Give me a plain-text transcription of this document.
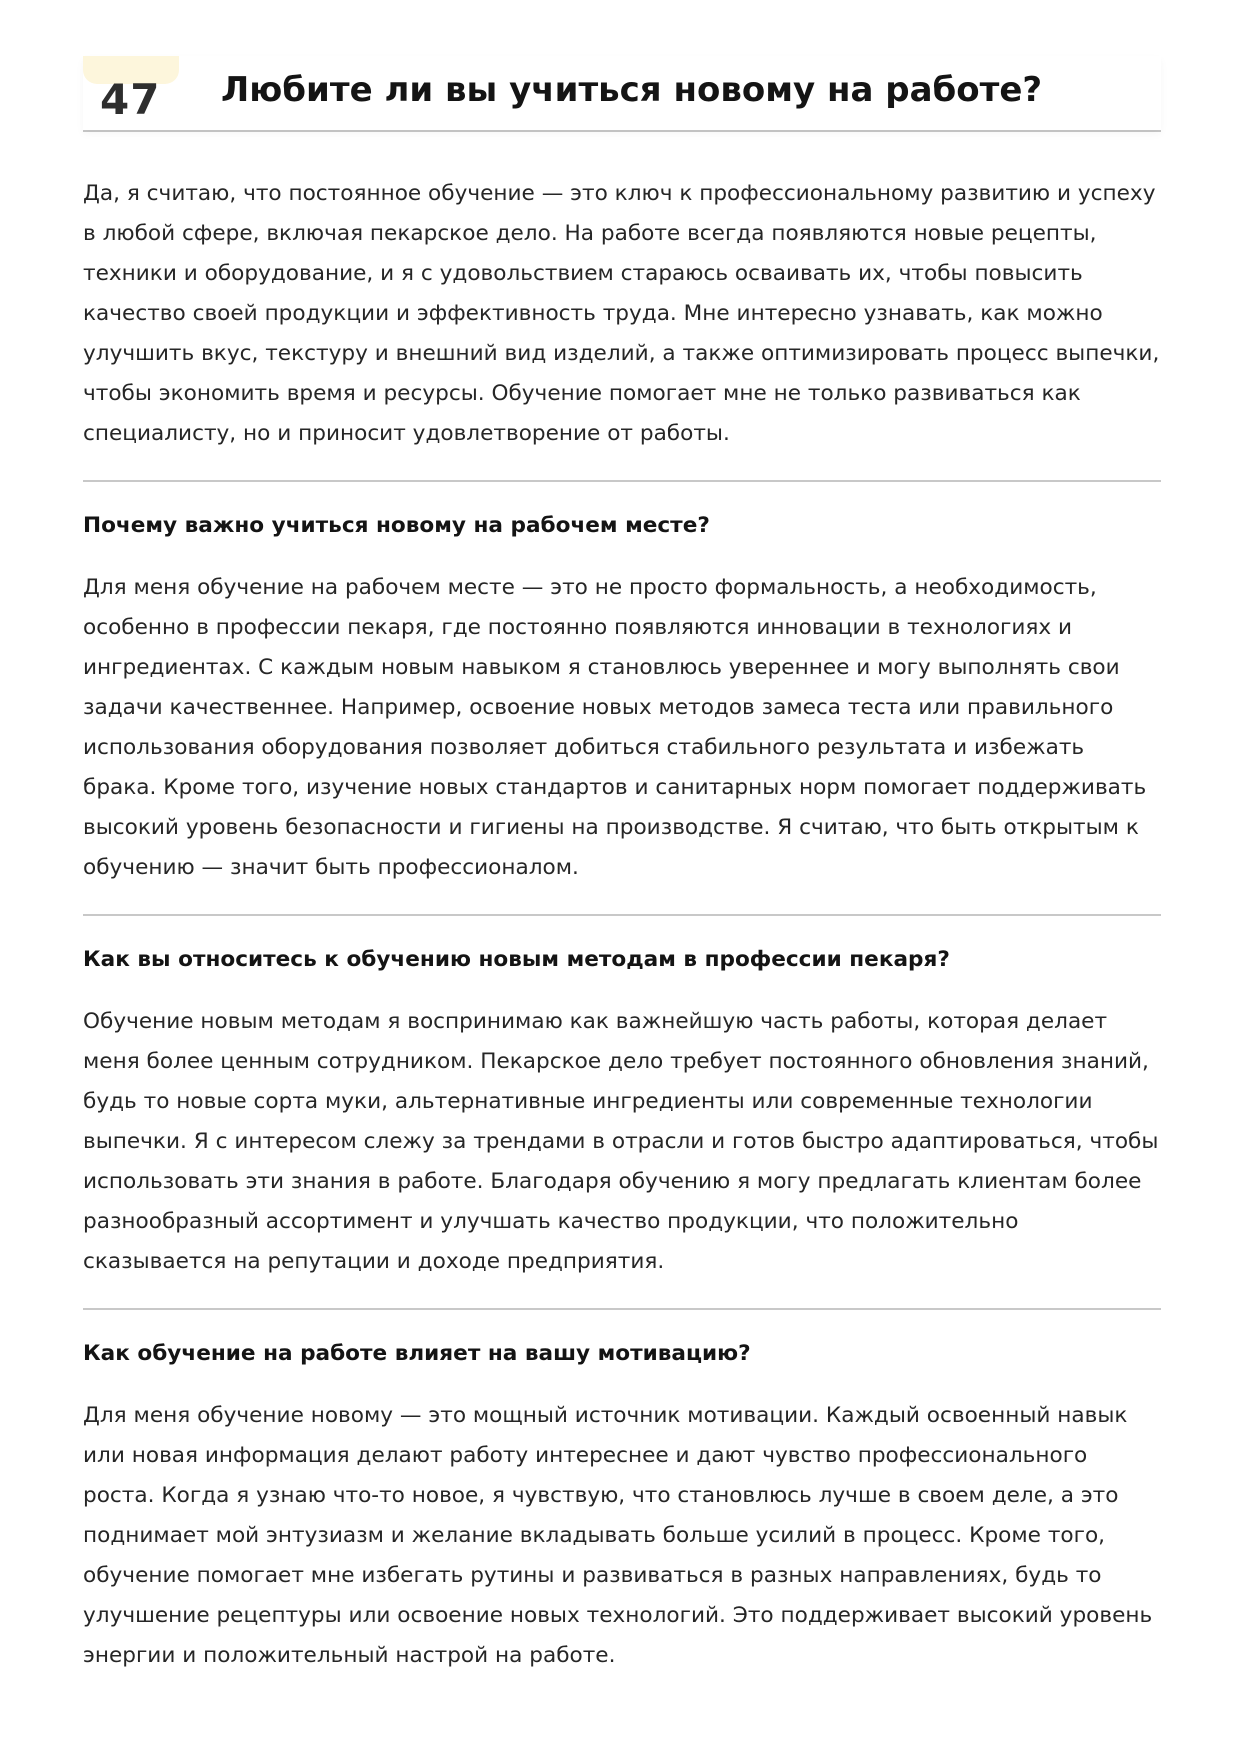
47 Любите ли вы учиться новому на работе?

Да, я считаю, что постоянное обучение — это ключ к профессиональному развитию и успеху в любой сфере, включая пекарское дело. На работе всегда появляются новые рецепты, техники и оборудование, и я с удовольствием стараюсь осваивать их, чтобы повысить качество своей продукции и эффективность труда. Мне интересно узнавать, как можно улучшить вкус, текстуру и внешний вид изделий, а также оптимизировать процесс выпечки, чтобы экономить время и ресурсы. Обучение помогает мне не только развиваться как специалисту, но и приносит удовлетворение от работы.

Почему важно учиться новому на рабочем месте?

Для меня обучение на рабочем месте — это не просто формальность, а необходимость, особенно в профессии пекаря, где постоянно появляются инновации в технологиях и ингредиентах. С каждым новым навыком я становлюсь увереннее и могу выполнять свои задачи качественнее. Например, освоение новых методов замеса теста или правильного использования оборудования позволяет добиться стабильного результата и избежать брака. Кроме того, изучение новых стандартов и санитарных норм помогает поддерживать высокий уровень безопасности и гигиены на производстве. Я считаю, что быть открытым к обучению — значит быть профессионалом.

Как вы относитесь к обучению новым методам в профессии пекаря?

Обучение новым методам я воспринимаю как важнейшую часть работы, которая делает меня более ценным сотрудником. Пекарское дело требует постоянного обновления знаний, будь то новые сорта муки, альтернативные ингредиенты или современные технологии выпечки. Я с интересом слежу за трендами в отрасли и готов быстро адаптироваться, чтобы использовать эти знания в работе. Благодаря обучению я могу предлагать клиентам более разнообразный ассортимент и улучшать качество продукции, что положительно сказывается на репутации и доходе предприятия.

Как обучение на работе влияет на вашу мотивацию?

Для меня обучение новому — это мощный источник мотивации. Каждый освоенный навык или новая информация делают работу интереснее и дают чувство профессионального роста. Когда я узнаю что-то новое, я чувствую, что становлюсь лучше в своем деле, а это поднимает мой энтузиазм и желание вкладывать больше усилий в процесс. Кроме того, обучение помогает мне избегать рутины и развиваться в разных направлениях, будь то улучшение рецептуры или освоение новых технологий. Это поддерживает высокий уровень энергии и положительный настрой на работе.
